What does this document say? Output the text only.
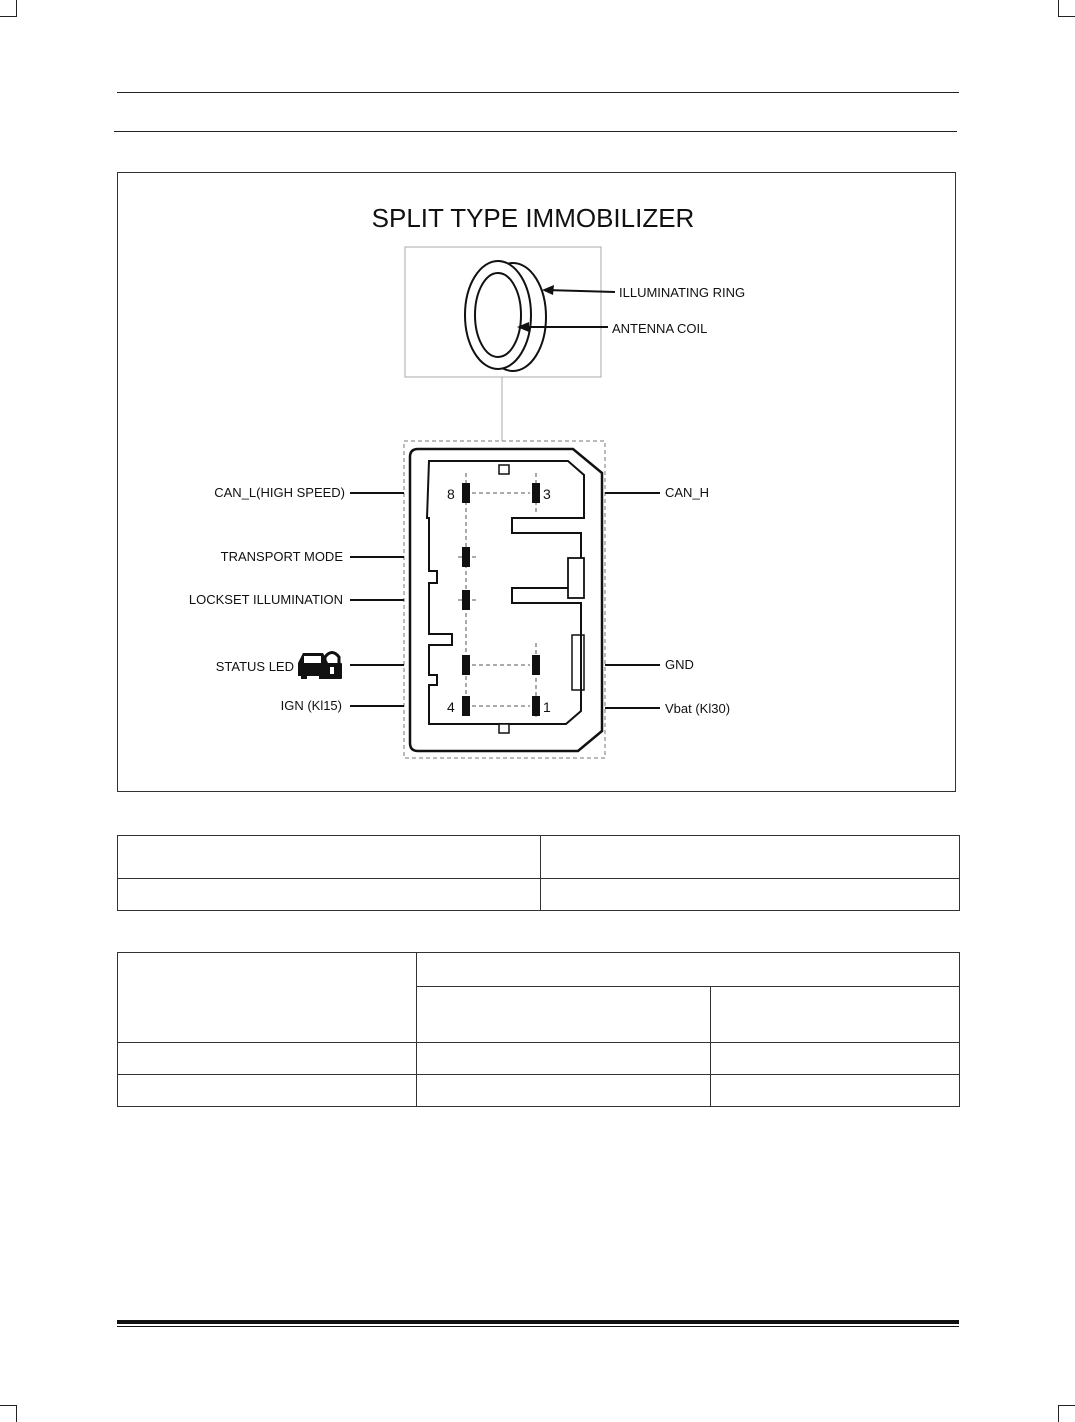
SPLIT TYPE IMMOBILIZER
ILLUMINATING RING
ANTENNA COIL
8	3
4	1
CAN_L(HIGH SPEED)
TRANSPORT MODE
LOCKSET ILLUMINATION
STATUS LED
IGN (Kl15)
CAN_H
GND
Vbat (Kl30)
